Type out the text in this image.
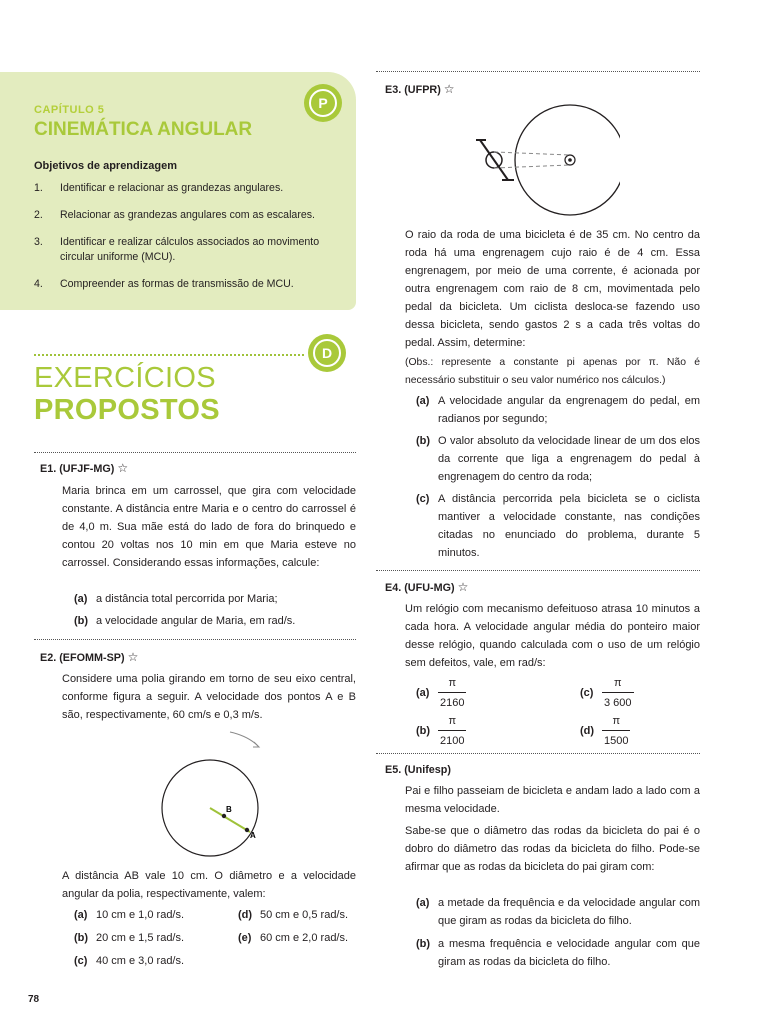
P
CAPÍTULO 5
CINEMÁTICA ANGULAR
Objetivos de aprendizagem
1.	Identificar e relacionar as grandezas angulares.
2.	Relacionar as grandezas angulares com as escalares.
3.	Identificar e realizar cálculos associados ao movimento circular uniforme (MCU).
4.	Compreender as formas de transmissão de MCU.
D
EXERCÍCIOS
PROPOSTOS
E1. (UFJF-MG) ☆
Maria brinca em um carrossel, que gira com velocidade constante. A distância entre Maria e o centro do carrossel é de 4,0 m. Sua mãe está do lado de fora do brinquedo e contou 20 voltas nos 10 min em que Maria esteve no carrossel. Considerando essas informações, calcule:
(a) a distância total percorrida por Maria;
(b) a velocidade angular de Maria, em rad/s.
E2. (EFOMM-SP) ☆
Considere uma polia girando em torno de seu eixo central, conforme figura a seguir. A velocidade dos pontos A e B são, respectivamente, 60 cm/s e 0,3 m/s.
B
A
A distância AB vale 10 cm. O diâmetro e a velocidade angular da polia, respectivamente, valem:
(a) 10 cm e 1,0 rad/s.	(d) 50 cm e 0,5 rad/s.
(b) 20 cm e 1,5 rad/s.	(e) 60 cm e 2,0 rad/s.
(c) 40 cm e 3,0 rad/s.
78
E3. (UFPR) ☆
O raio da roda de uma bicicleta é de 35 cm. No centro da roda há uma engrenagem cujo raio é de 4 cm. Essa engrenagem, por meio de uma corrente, é acionada por outra engrenagem com raio de 8 cm, movimentada pelo pedal da bicicleta. Um ciclista desloca-se fazendo uso dessa bicicleta, sendo gastos 2 s a cada três voltas do pedal. Assim, determine:
(Obs.: represente a constante pi apenas por π. Não é necessário substituir o seu valor numérico nos cálculos.)
(a) A velocidade angular da engrenagem do pedal, em radianos por segundo;
(b) O valor absoluto da velocidade linear de um dos elos da corrente que liga a engrenagem do pedal à engrenagem do centro da roda;
(c) A distância percorrida pela bicicleta se o ciclista mantiver a velocidade constante, nas condições citadas no enunciado do problema, durante 5 minutos.
E4. (UFU-MG) ☆
Um relógio com mecanismo defeituoso atrasa 10 minutos a cada hora. A velocidade angular média do ponteiro maior desse relógio, quando calculada com o uso de um relógio sem defeitos, vale, em rad/s:
$(a) \frac{\pi}{2160}$	$(c) \frac{\pi}{3 600}$
$(b) \frac{\pi}{2100}$	$(d) \frac{\pi}{1500}$
E5. (Unifesp)
Pai e filho passeiam de bicicleta e andam lado a lado com a mesma velocidade.
Sabe-se que o diâmetro das rodas da bicicleta do pai é o dobro do diâmetro das rodas da bicicleta do filho. Pode-se afirmar que as rodas da bicicleta do pai giram com:
(a) a metade da frequência e da velocidade angular com que giram as rodas da bicicleta do filho.
(b) a mesma frequência e velocidade angular com que giram as rodas da bicicleta do filho.
